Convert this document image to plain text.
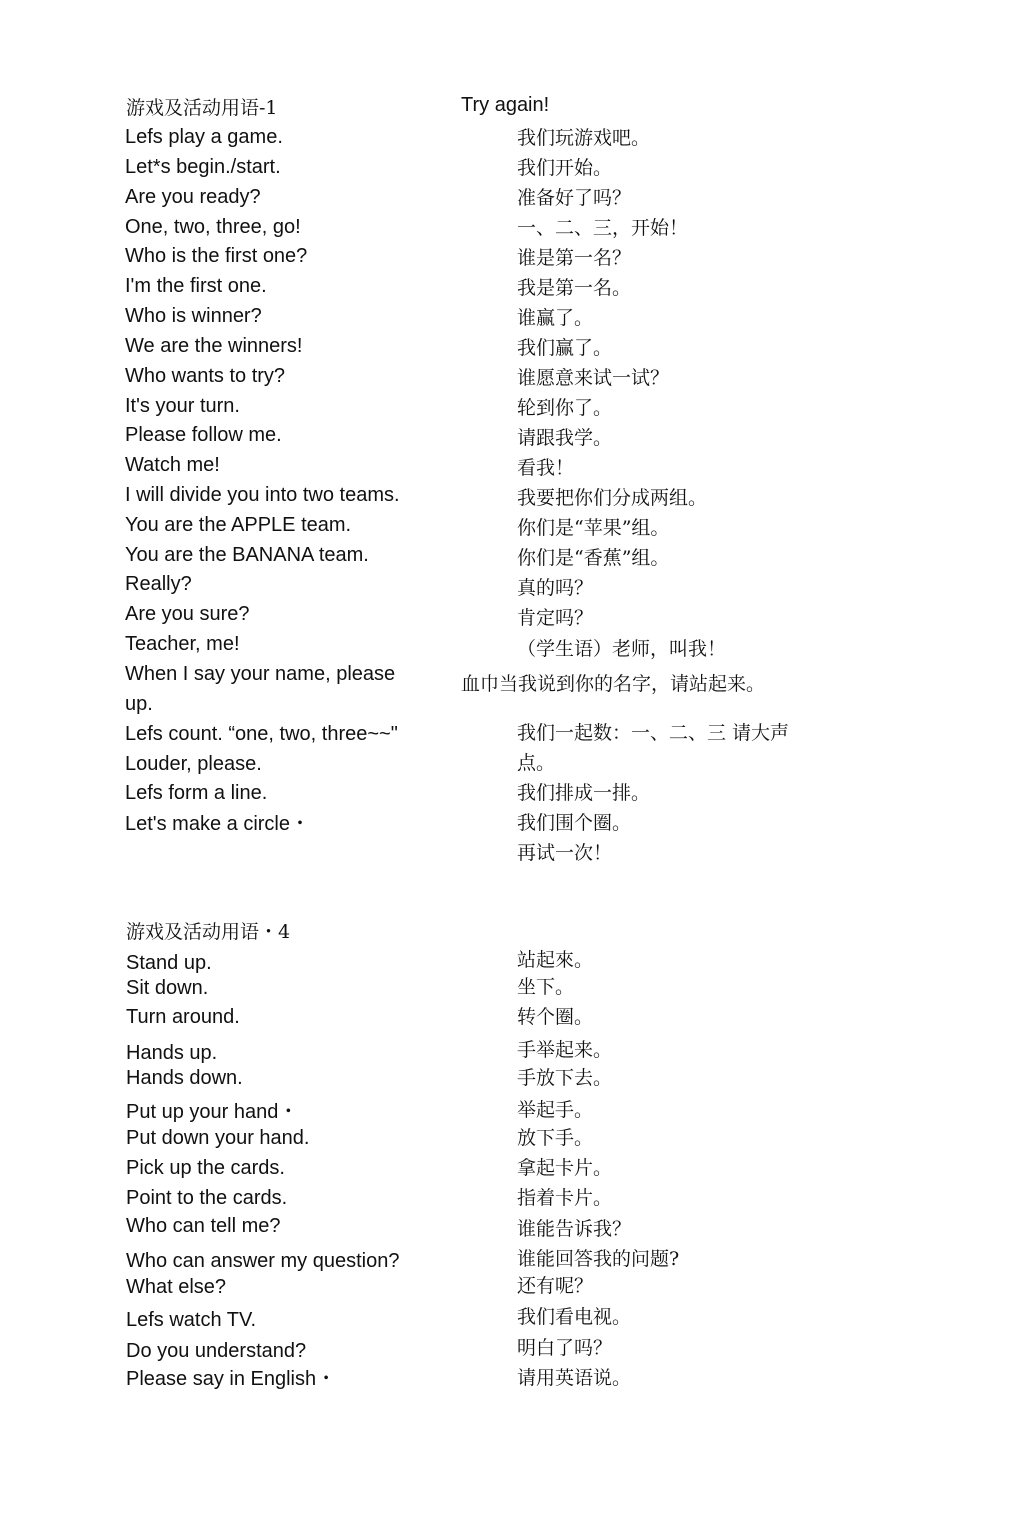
游戏及活动用语-1	Try again!
Lefs play a game.
Let*s begin./start.
Are you ready?
One, two, three, go!
Who is the first one?
I'm the first one.
Who is winner?
We are the winners!
Who wants to try?
It's your turn.
Please follow me.
Watch me!
I will divide you into two teams.
You are the APPLE team.
You are the BANANA team.
Really?
Are you sure?
Teacher, me!
When I say your name, please
up.
Lefs count. “one, two, three~~"
Louder, please.
Lefs form a line.
Let's make a circle・
我们玩游戏吧。
我们开始。
准备好了吗？
一、二、三，开始！
谁是第一名？
我是第一名。
谁赢了。
我们赢了。
谁愿意来试一试？
轮到你了。
请跟我学。
看我！
我要把你们分成两组。
你们是“苹果”组。
你们是“香蕉”组。
真的吗？
肯定吗？
（学生语）老师，叫我！
血巾当我说到你的名字，请站起来。
我们一起数：一、二、三 请大声
点。
我们排成一排。
我们围个圈。
再试一次！
游戏及活动用语・4
Stand up.
Sit down.
Turn around.
Hands up.
Hands down.
Put up your hand・
Put down your hand.
Pick up the cards.
Point to the cards.
Who can tell me?
Who can answer my question?
What else?
Lefs watch TV.
Do you understand?
Please say in English・
站起來。
坐下。
转个圈。
手举起来。
手放下去。
举起手。
放下手。
拿起卡片。
指着卡片。
谁能告诉我？
谁能回答我的问题?
还有呢？
我们看电视。
明白了吗？
请用英语说。
